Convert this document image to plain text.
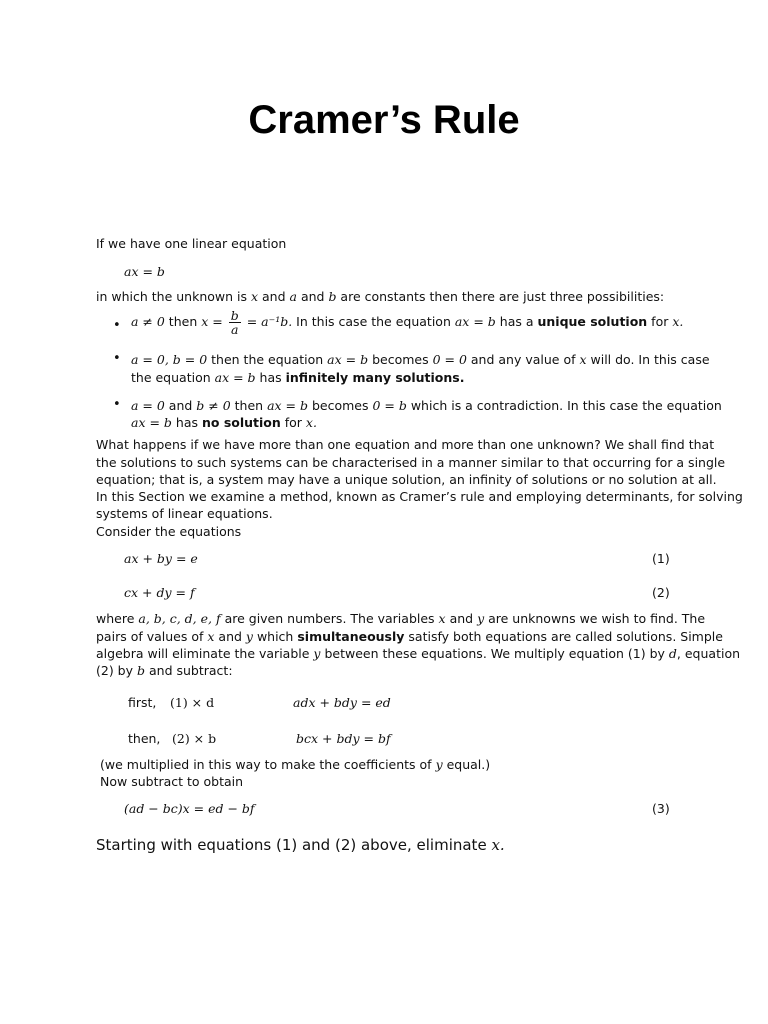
Cramer’s Rule
If we have one linear equation
ax = b
in which the unknown is x and a and b are constants then there are just three possibilities:
• a ≠ 0 then $x = \frac{b}{a} = a^{-1}b$. In this case the equation ax = b has a unique solution for x.
• a = 0, b = 0 then the equation ax = b becomes 0 = 0 and any value of x will do. In this case
the equation ax = b has infinitely many solutions.
• a = 0 and b ≠ 0 then ax = b becomes 0 = b which is a contradiction. In this case the equation
ax = b has no solution for x.
What happens if we have more than one equation and more than one unknown? We shall find that
the solutions to such systems can be characterised in a manner similar to that occurring for a single
equation; that is, a system may have a unique solution, an infinity of solutions or no solution at all.
In this Section we examine a method, known as Cramer’s rule and employing determinants, for solving
systems of linear equations.
Consider the equations
ax + by = e	(1)
cx + dy = f	(2)
where a, b, c, d, e, f are given numbers. The variables x and y are unknowns we wish to find. The
pairs of values of x and y which simultaneously satisfy both equations are called solutions. Simple
algebra will eliminate the variable y between these equations. We multiply equation (1) by d, equation
(2) by b and subtract:
first, (1) × d	adx + bdy = ed
then, (2) × b	bcx + bdy = bf
(we multiplied in this way to make the coefficients of y equal.)
Now subtract to obtain
(ad − bc)x = ed − bf	(3)
Starting with equations (1) and (2) above, eliminate x.
